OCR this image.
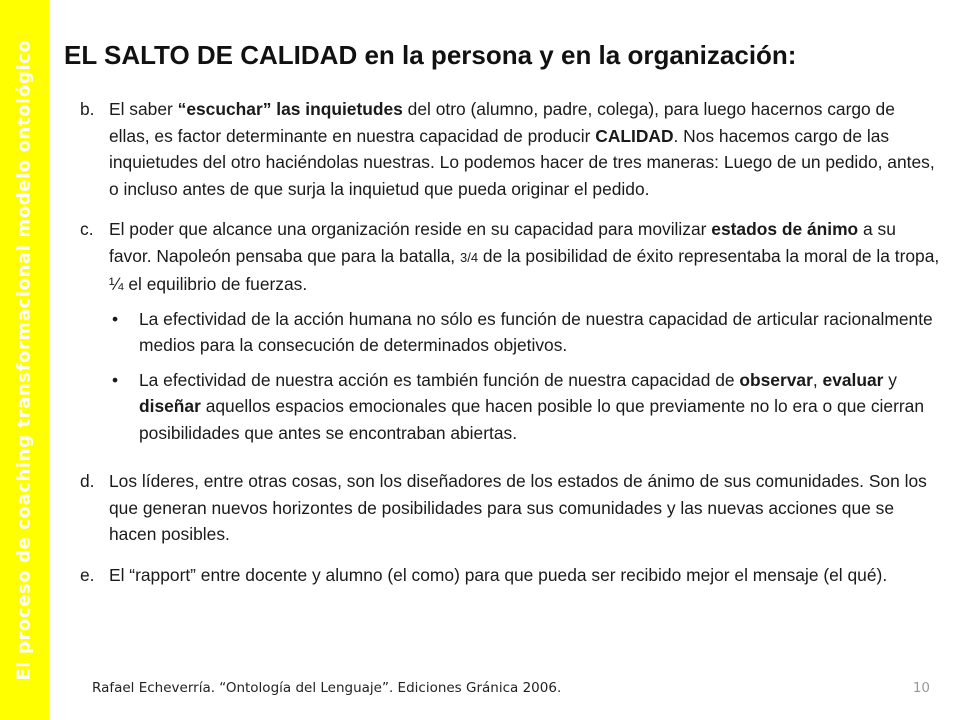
El proceso de coaching transformacional modelo ontológico EL SALTO DE CALIDAD en la persona y en la organización:
b. El saber “escuchar” las inquietudes del otro (alumno, padre, colega), para luego hacernos cargo de ellas, es factor determinante en nuestra capacidad de producir CALIDAD. Nos hacemos cargo de las inquietudes del otro haciéndolas nuestras. Lo podemos hacer de tres maneras: Luego de un pedido, antes, o incluso antes de que surja la inquietud que pueda originar el pedido.
c. El poder que alcance una organización reside en su capacidad para movilizar estados de ánimo a su favor. Napoleón pensaba que para la batalla, 3/4 de la posibilidad de éxito representaba la moral de la tropa, ¼ el equilibrio de fuerzas.
•	La efectividad de la acción humana no sólo es función de nuestra capacidad de articular racionalmente medios para la consecución de determinados objetivos.
•	La efectividad de nuestra acción es también función de nuestra capacidad de observar, evaluar y diseñar aquellos espacios emocionales que hacen posible lo que previamente no lo era o que cierran posibilidades que antes se encontraban abiertas.
d. Los líderes, entre otras cosas, son los diseñadores de los estados de ánimo de sus comunidades. Son los que generan nuevos horizontes de posibilidades para sus comunidades y las nuevas acciones que se hacen posibles.
e. El “rapport” entre docente y alumno (el como) para que pueda ser recibido mejor el mensaje (el qué).
Rafael Echeverría. “Ontología del Lenguaje”. Ediciones Gránica 2006.	10
